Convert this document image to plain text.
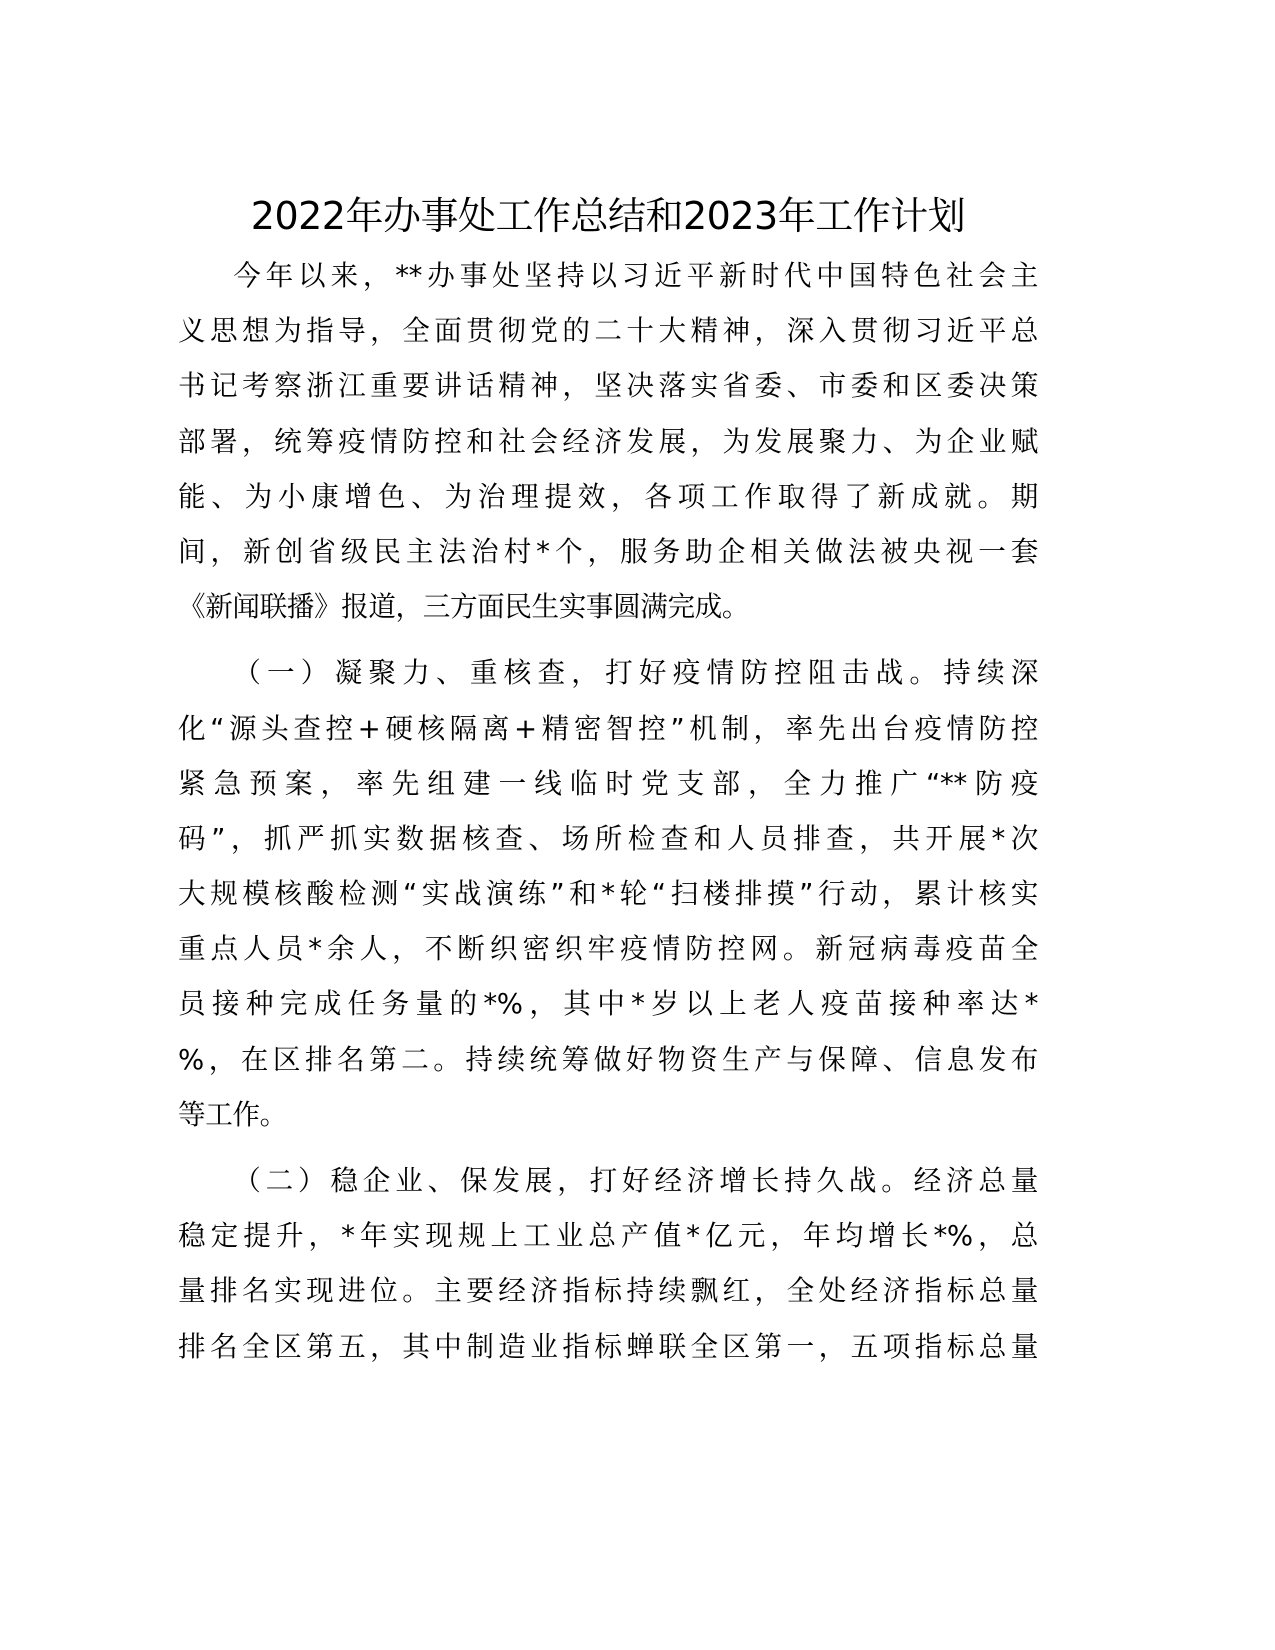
2022年办事处工作总结和2023年工作计划
今年以来，**办事处坚持以习近平新时代中国特色社会主
义思想为指导，全面贯彻党的二十大精神，深入贯彻习近平总
书记考察浙江重要讲话精神，坚决落实省委、市委和区委决策
部署，统筹疫情防控和社会经济发展，为发展聚力、为企业赋
能、为小康增色、为治理提效，各项工作取得了新成就。期
间，新创省级民主法治村*个，服务助企相关做法被央视一套
《新闻联播》报道，三方面民生实事圆满完成。
（一）凝聚力、重核查，打好疫情防控阻击战。持续深
化“源头查控+硬核隔离+精密智控”机制，率先出台疫情防控
紧急预案，率先组建一线临时党支部，全力推广“**防疫
码”，抓严抓实数据核查、场所检查和人员排查，共开展*次
大规模核酸检测“实战演练”和*轮“扫楼排摸”行动，累计核实
重点人员*余人，不断织密织牢疫情防控网。新冠病毒疫苗全
员接种完成任务量的*%，其中*岁以上老人疫苗接种率达*
%，在区排名第二。持续统筹做好物资生产与保障、信息发布
等工作。
（二）稳企业、保发展，打好经济增长持久战。经济总量
稳定提升，*年实现规上工业总产值*亿元，年均增长*%，总
量排名实现进位。主要经济指标持续飘红，全处经济指标总量
排名全区第五，其中制造业指标蝉联全区第一，五项指标总量
